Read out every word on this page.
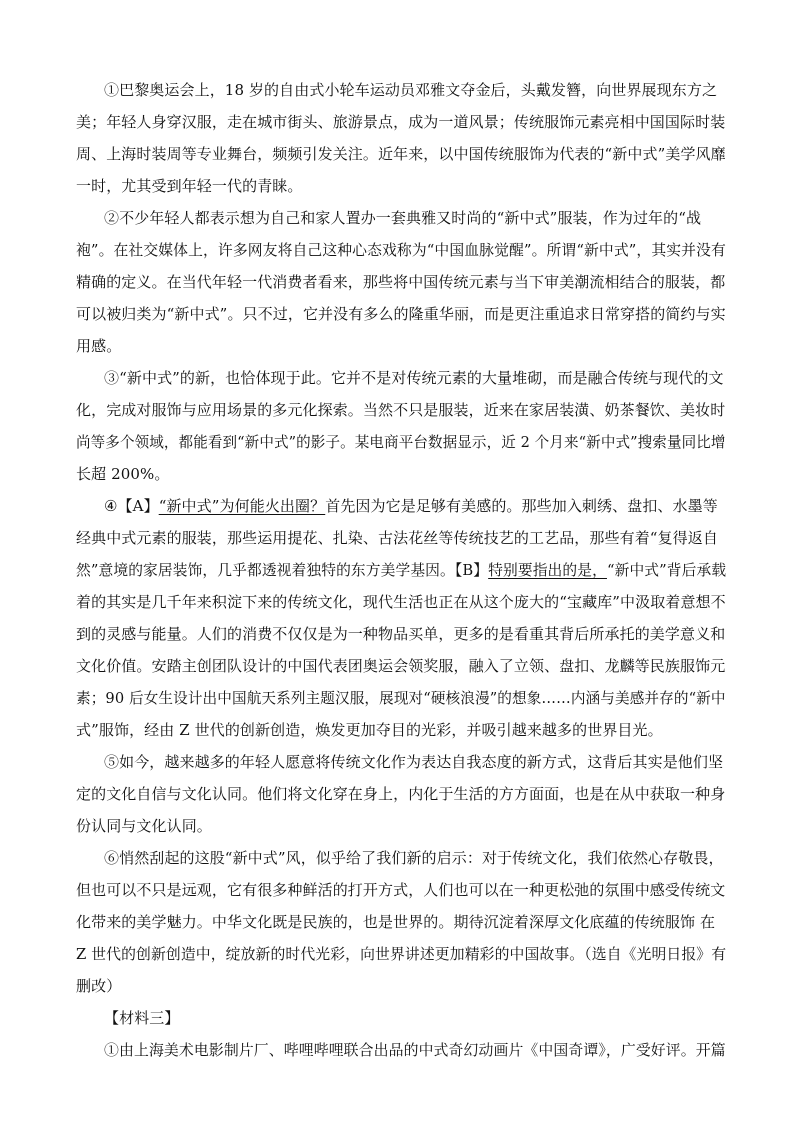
①巴黎奥运会上，18 岁的自由式小轮车运动员邓雅文夺金后，头戴发簪，向世界展现东方之
美；年轻人身穿汉服，走在城市街头、旅游景点，成为一道风景；传统服饰元素亮相中国国际时装
周、上海时装周等专业舞台，频频引发关注。近年来，以中国传统服饰为代表的“新中式”美学风靡
一时，尤其受到年轻一代的青睐。
②不少年轻人都表示想为自己和家人置办一套典雅又时尚的“新中式”服装，作为过年的“战
袍”。在社交媒体上，许多网友将自己这种心态戏称为“中国血脉觉醒”。所谓“新中式”，其实并没有
精确的定义。在当代年轻一代消费者看来，那些将中国传统元素与当下审美潮流相结合的服装，都
可以被归类为“新中式”。只不过，它并没有多么的隆重华丽，而是更注重追求日常穿搭的简约与实
用感。
③“新中式”的新，也恰体现于此。它并不是对传统元素的大量堆砌，而是融合传统与现代的文
化，完成对服饰与应用场景的多元化探索。当然不只是服装，近来在家居装潢、奶茶餐饮、美妆时
尚等多个领域，都能看到“新中式”的影子。某电商平台数据显示，近 2 个月来“新中式”搜索量同比增
长超 200%。
④【A】“新中式”为何能火出圈？首先因为它是足够有美感的。那些加入刺绣、盘扣、水墨等
经典中式元素的服装，那些运用提花、扎染、古法花丝等传统技艺的工艺品，那些有着“复得返自
然”意境的家居装饰，几乎都透视着独特的东方美学基因。【B】特别要指出的是，“新中式”背后承载
着的其实是几千年来积淀下来的传统文化，现代生活也正在从这个庞大的“宝藏库”中汲取着意想不
到的灵感与能量。人们的消费不仅仅是为一种物品买单，更多的是看重其背后所承托的美学意义和
文化价值。安踏主创团队设计的中国代表团奥运会领奖服，融入了立领、盘扣、龙麟等民族服饰元
素；90 后女生设计出中国航天系列主题汉服，展现对“硬核浪漫”的想象……内涵与美感并存的“新中
式”服饰，经由 Z 世代的创新创造，焕发更加夺目的光彩，并吸引越来越多的世界目光。
⑤如今，越来越多的年轻人愿意将传统文化作为表达自我态度的新方式，这背后其实是他们坚
定的文化自信与文化认同。他们将文化穿在身上，内化于生活的方方面面，也是在从中获取一种身
份认同与文化认同。
⑥悄然刮起的这股“新中式”风，似乎给了我们新的启示：对于传统文化，我们依然心存敬畏，
但也可以不只是远观，它有很多种鲜活的打开方式，人们也可以在一种更松弛的氛围中感受传统文
化带来的美学魅力。中华文化既是民族的，也是世界的。期待沉淀着深厚文化底蕴的传统服饰 在
Z 世代的创新创造中，绽放新的时代光彩，向世界讲述更加精彩的中国故事。（选自《光明日报》有
删改）
【材料三】
①由上海美术电影制片厂、哔哩哔哩联合出品的中式奇幻动画片《中国奇谭》，广受好评。开篇
